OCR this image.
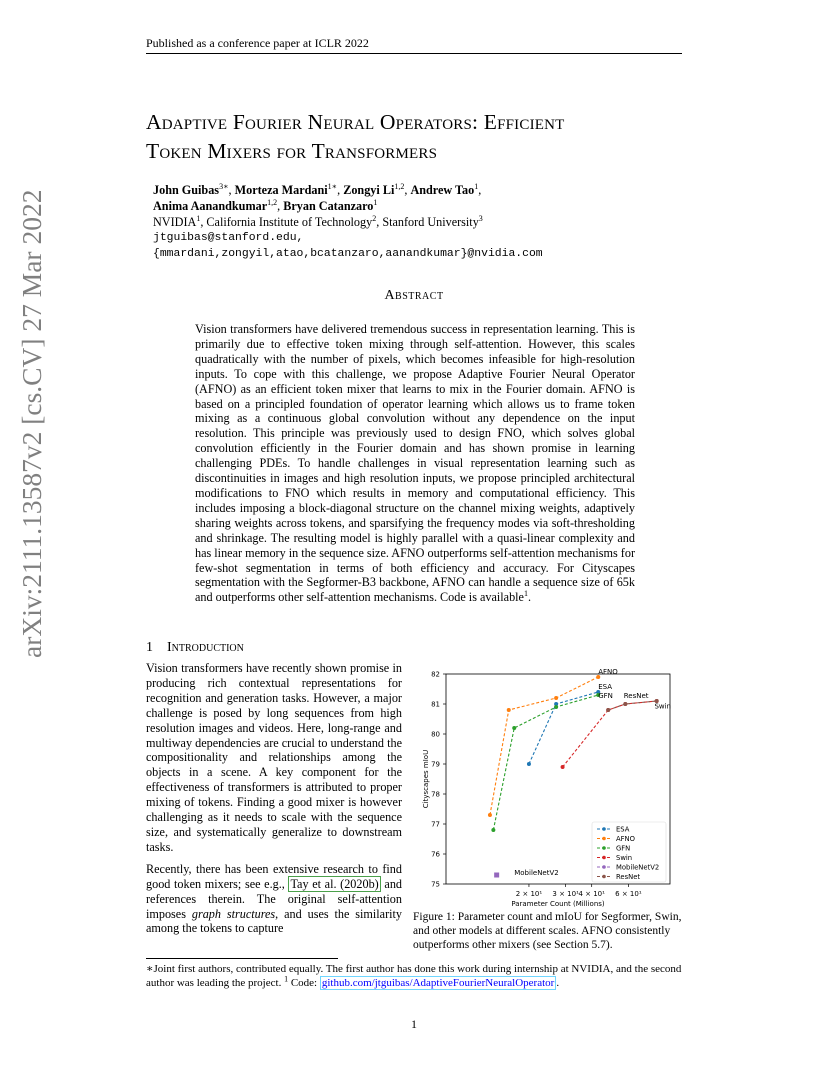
Published as a conference paper at ICLR 2022
arXiv:2111.13587v2 [cs.CV] 27 Mar 2022
Adaptive Fourier Neural Operators: Efficient
Token Mixers for Transformers
John Guibas$^{3∗}$, Morteza Mardani$^{1∗}$, Zongyi Li$^{1,2}$, Andrew Tao$^1$,
Anima Aanandkumar$^{1,2}$, Bryan Catanzaro$^1$
NVIDIA$^1$, California Institute of Technology$^2$, Stanford University$^3$
jtguibas@stanford.edu,
{mmardani,zongyil,atao,bcatanzaro,aanandkumar}@nvidia.com
Abstract
Vision transformers have delivered tremendous success in representation learning. This is primarily due to effective token mixing through self-attention. However, this scales quadratically with the number of pixels, which becomes infeasible for high-resolution inputs. To cope with this challenge, we propose Adaptive Fourier Neural Operator (AFNO) as an efficient token mixer that learns to mix in the Fourier domain. AFNO is based on a principled foundation of operator learning which allows us to frame token mixing as a continuous global convolution without any dependence on the input resolution. This principle was previously used to design FNO, which solves global convolution efficiently in the Fourier domain and has shown promise in learning challenging PDEs. To handle challenges in visual representation learning such as discontinuities in images and high resolution inputs, we propose principled architectural modifications to FNO which results in memory and computational efficiency. This includes imposing a block-diagonal structure on the channel mixing weights, adaptively sharing weights across tokens, and sparsifying the frequency modes via soft-thresholding and shrinkage. The resulting model is highly parallel with a quasi-linear complexity and has linear memory in the sequence size. AFNO outperforms self-attention mechanisms for few-shot segmentation in terms of both efficiency and accuracy. For Cityscapes segmentation with the Segformer-B3 backbone, AFNO can handle a sequence size of 65k and outperforms other self-attention mechanisms. Code is available$^1$.
1 Introduction

Vision transformers have recently shown promise in producing rich contextual representations for recognition and generation tasks. However, a major challenge is posed by long sequences from high resolution images and videos. Here, long-range and multiway dependencies are crucial to understand the compositionality and relationships among the objects in a scene. A key component for the effectiveness of transformers is attributed to proper mixing of tokens. Finding a good mixer is however challenging as it needs to scale with the sequence size, and systematically generalize to downstream tasks.

Recently, there has been extensive research to find good token mixers; see e.g., Tay et al. (2020b) and references therein. The original self-attention imposes graph structures, and uses the similarity among the tokens to capture

75
76
77
78
79
80
81
82
2 × 10¹ 3 × 10¹ 4 × 10¹ 6 × 10¹
Parameter Count (Millions)
Cityscapes mIoU
AFNO
ESA
GFN ResNet
Swin
MobileNetV2
ESA
AFNO
GFN
Swin
MobileNetV2
ResNet
Figure 1: Parameter count and mIoU for Segformer, Swin, and other models at different scales. AFNO consistently outperforms other mixers (see Section 5.7).
∗Joint first authors, contributed equally. The first author has done this work during internship at NVIDIA, and the second author was leading the project. $^1$ Code: github.com/jtguibas/AdaptiveFourierNeuralOperator .
1
